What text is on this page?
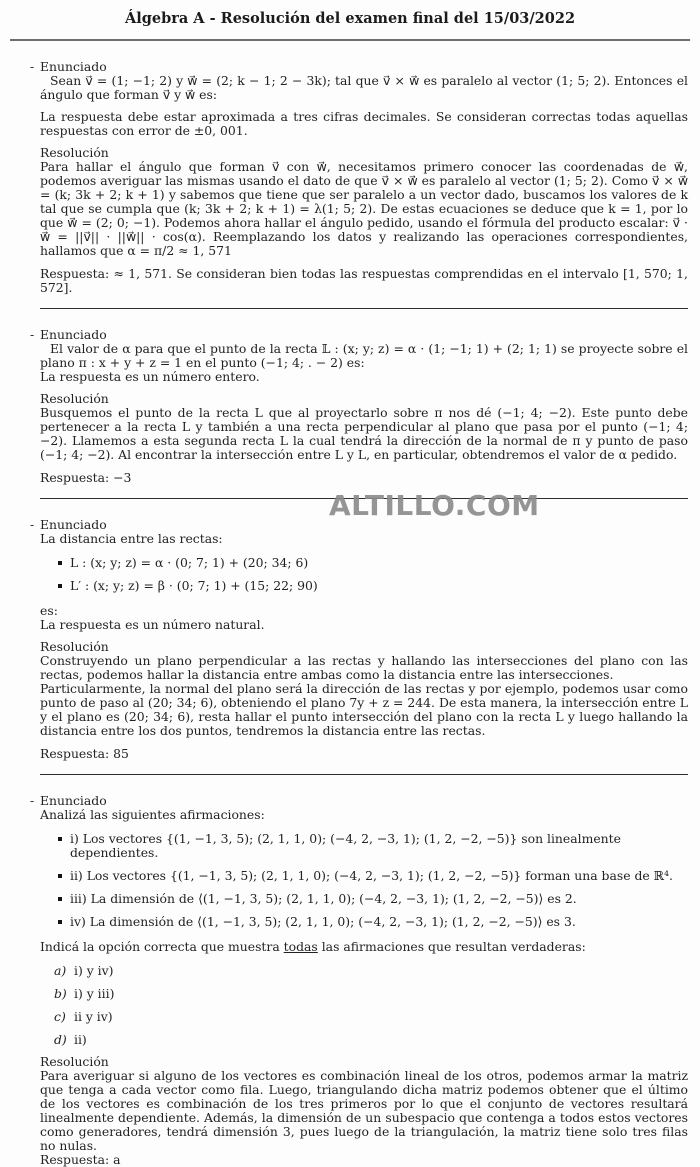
Álgebra A - Resolución del examen final del 15/03/2022
ALTILLO.COM
- Enunciado

Sean v⃗ = (1; −1; 2) y w⃗ = (2; k − 1; 2 − 3k); tal que v⃗ × w⃗ es paralelo al vector (1; 5; 2). Entonces el ángulo que forman v⃗ y w⃗ es:

La respuesta debe estar aproximada a tres cifras decimales. Se consideran correctas todas aquellas respuestas con error de ±0, 001.

Resolución

Para hallar el ángulo que forman v⃗ con w⃗, necesitamos primero conocer las coordenadas de w⃗, podemos averiguar las mismas usando el dato de que v⃗ × w⃗ es paralelo al vector (1; 5; 2). Como v⃗ × w⃗ = (k; 3k + 2; k + 1) y sabemos que tiene que ser paralelo a un vector dado, buscamos los valores de k tal que se cumpla que (k; 3k + 2; k + 1) = λ(1; 5; 2). De estas ecuaciones se deduce que k = 1, por lo que w⃗ = (2; 0; −1). Podemos ahora hallar el ángulo pedido, usando el fórmula del producto escalar: v⃗ · w⃗ = ||v⃗|| · ||w⃗|| · cos(α). Reemplazando los datos y realizando las operaciones correspondientes, hallamos que α = π/2 ≈ 1, 571

Respuesta: ≈ 1, 571. Se consideran bien todas las respuestas comprendidas en el intervalo [1, 570; 1, 572].

- Enunciado

El valor de α para que el punto de la recta 𝕃 : (x; y; z) = α · (1; −1; 1) + (2; 1; 1) se proyecte sobre el plano π : x + y + z = 1 en el punto (−1; 4; . − 2) es:

La respuesta es un número entero.

Resolución

Busquemos el punto de la recta L que al proyectarlo sobre π nos dé (−1; 4; −2). Este punto debe pertenecer a la recta L y también a una recta perpendicular al plano que pasa por el punto (−1; 4; −2). Llamemos a esta segunda recta L la cual tendrá la dirección de la normal de π y punto de paso (−1; 4; −2). Al encontrar la intersección entre L y L, en particular, obtendremos el valor de α pedido.

Respuesta: −3

- Enunciado

La distancia entre las rectas:

L : (x; y; z) = α · (0; 7; 1) + (20; 34; 6)
L′ : (x; y; z) = β · (0; 7; 1) + (15; 22; 90)

es:

La respuesta es un número natural.

Resolución

Construyendo un plano perpendicular a las rectas y hallando las intersecciones del plano con las rectas, podemos hallar la distancia entre ambas como la distancia entre las intersecciones.

Particularmente, la normal del plano será la dirección de las rectas y por ejemplo, podemos usar como punto de paso al (20; 34; 6), obteniendo el plano 7y + z = 244. De esta manera, la intersección entre L y el plano es (20; 34; 6), resta hallar el punto intersección del plano con la recta L y luego hallando la distancia entre los dos puntos, tendremos la distancia entre las rectas.

Respuesta: 85

- Enunciado

Analizá las siguientes afirmaciones:

i) Los vectores {(1, −1, 3, 5); (2, 1, 1, 0); (−4, 2, −3, 1); (1, 2, −2, −5)} son linealmente dependientes.
ii) Los vectores {(1, −1, 3, 5); (2, 1, 1, 0); (−4, 2, −3, 1); (1, 2, −2, −5)} forman una base de ℝ⁴.
iii) La dimensión de ⟨(1, −1, 3, 5); (2, 1, 1, 0); (−4, 2, −3, 1); (1, 2, −2, −5)⟩ es 2.
iv) La dimensión de ⟨(1, −1, 3, 5); (2, 1, 1, 0); (−4, 2, −3, 1); (1, 2, −2, −5)⟩ es 3.

Indicá la opción correcta que muestra todas las afirmaciones que resultan verdaderas:

a) i) y iv)
b) i) y iii)
c) ii y iv)
d) ii)
Resolución

Para averiguar si alguno de los vectores es combinación lineal de los otros, podemos armar la matriz que tenga a cada vector como fila. Luego, triangulando dicha matriz podemos obtener que el último de los vectores es combinación de los tres primeros por lo que el conjunto de vectores resultará linealmente dependiente. Además, la dimensión de un subespacio que contenga a todos estos vectores como generadores, tendrá dimensión 3, pues luego de la triangulación, la matriz tiene solo tres filas no nulas.

Respuesta: a
